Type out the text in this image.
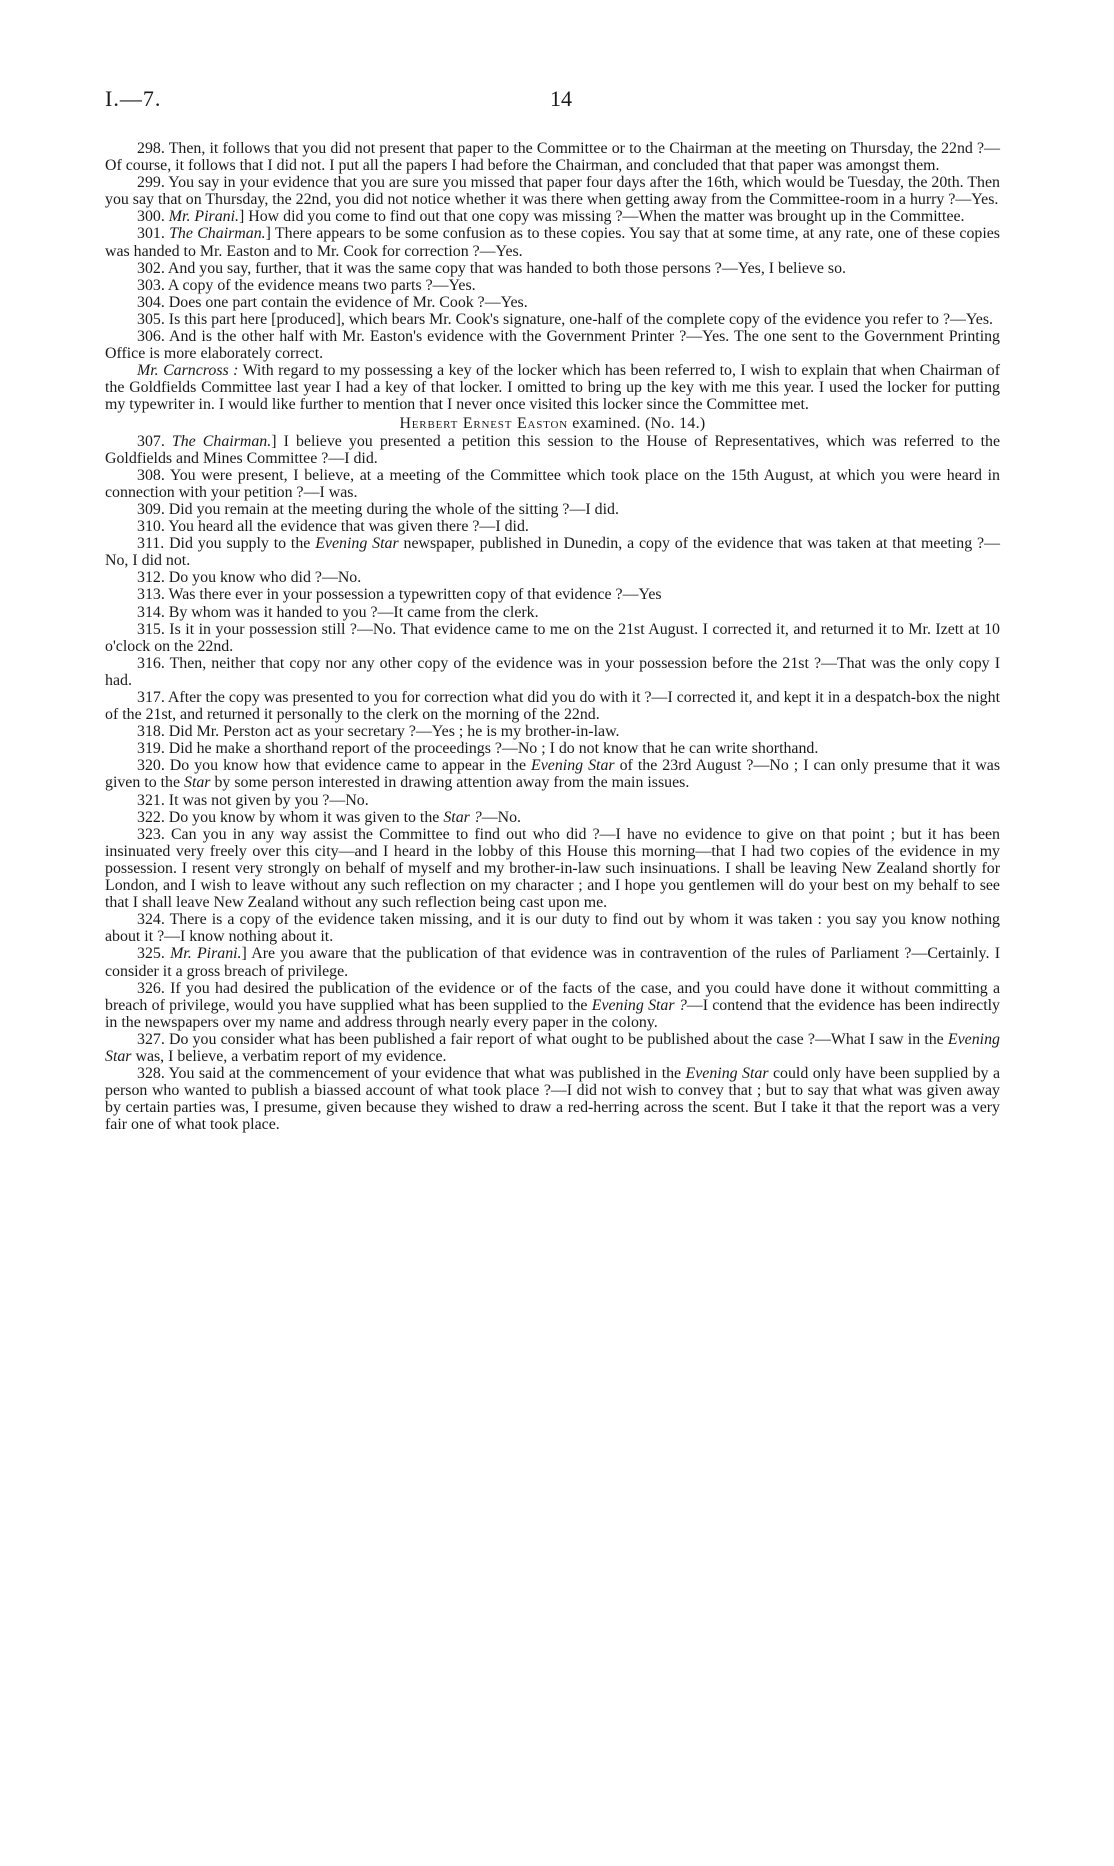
I.—7.	14

298. Then, it follows that you did not present that paper to the Committee or to the Chairman at the meeting on Thursday, the 22nd ?—Of course, it follows that I did not. I put all the papers I had before the Chairman, and concluded that that paper was amongst them.

299. You say in your evidence that you are sure you missed that paper four days after the 16th, which would be Tuesday, the 20th. Then you say that on Thursday, the 22nd, you did not notice whether it was there when getting away from the Committee-room in a hurry ?—Yes.

300. Mr. Pirani.] How did you come to find out that one copy was missing ?—When the matter was brought up in the Committee.

301. The Chairman.] There appears to be some confusion as to these copies. You say that at some time, at any rate, one of these copies was handed to Mr. Easton and to Mr. Cook for correction ?—Yes.

302. And you say, further, that it was the same copy that was handed to both those persons ?—Yes, I believe so.

303. A copy of the evidence means two parts ?—Yes.

304. Does one part contain the evidence of Mr. Cook ?—Yes.

305. Is this part here [produced], which bears Mr. Cook's signature, one-half of the complete copy of the evidence you refer to ?—Yes.

306. And is the other half with Mr. Easton's evidence with the Government Printer ?—Yes. The one sent to the Government Printing Office is more elaborately correct.

Mr. Carncross : With regard to my possessing a key of the locker which has been referred to, I wish to explain that when Chairman of the Goldfields Committee last year I had a key of that locker. I omitted to bring up the key with me this year. I used the locker for putting my typewriter in. I would like further to mention that I never once visited this locker since the Committee met.

Herbert Ernest Easton examined. (No. 14.)

307. The Chairman.] I believe you presented a petition this session to the House of Representatives, which was referred to the Goldfields and Mines Committee ?—I did.

308. You were present, I believe, at a meeting of the Committee which took place on the 15th August, at which you were heard in connection with your petition ?—I was.

309. Did you remain at the meeting during the whole of the sitting ?—I did.

310. You heard all the evidence that was given there ?—I did.

311. Did you supply to the Evening Star newspaper, published in Dunedin, a copy of the evidence that was taken at that meeting ?—No, I did not.

312. Do you know who did ?—No.

313. Was there ever in your possession a typewritten copy of that evidence ?—Yes

314. By whom was it handed to you ?—It came from the clerk.

315. Is it in your possession still ?—No. That evidence came to me on the 21st August. I corrected it, and returned it to Mr. Izett at 10 o'clock on the 22nd.

316. Then, neither that copy nor any other copy of the evidence was in your possession before the 21st ?—That was the only copy I had.

317. After the copy was presented to you for correction what did you do with it ?—I corrected it, and kept it in a despatch-box the night of the 21st, and returned it personally to the clerk on the morning of the 22nd.

318. Did Mr. Perston act as your secretary ?—Yes ; he is my brother-in-law.

319. Did he make a shorthand report of the proceedings ?—No ; I do not know that he can write shorthand.

320. Do you know how that evidence came to appear in the Evening Star of the 23rd August ?—No ; I can only presume that it was given to the Star by some person interested in drawing attention away from the main issues.

321. It was not given by you ?—No.

322. Do you know by whom it was given to the Star ?—No.

323. Can you in any way assist the Committee to find out who did ?—I have no evidence to give on that point ; but it has been insinuated very freely over this city—and I heard in the lobby of this House this morning—that I had two copies of the evidence in my possession. I resent very strongly on behalf of myself and my brother-in-law such insinuations. I shall be leaving New Zealand shortly for London, and I wish to leave without any such reflection on my character ; and I hope you gentlemen will do your best on my behalf to see that I shall leave New Zealand without any such reflection being cast upon me.

324. There is a copy of the evidence taken missing, and it is our duty to find out by whom it was taken : you say you know nothing about it ?—I know nothing about it.

325. Mr. Pirani.] Are you aware that the publication of that evidence was in contravention of the rules of Parliament ?—Certainly. I consider it a gross breach of privilege.

326. If you had desired the publication of the evidence or of the facts of the case, and you could have done it without committing a breach of privilege, would you have supplied what has been supplied to the Evening Star ?—I contend that the evidence has been indirectly in the newspapers over my name and address through nearly every paper in the colony.

327. Do you consider what has been published a fair report of what ought to be published about the case ?—What I saw in the Evening Star was, I believe, a verbatim report of my evidence.

328. You said at the commencement of your evidence that what was published in the Evening Star could only have been supplied by a person who wanted to publish a biassed account of what took place ?—I did not wish to convey that ; but to say that what was given away by certain parties was, I presume, given because they wished to draw a red-herring across the scent. But I take it that the report was a very fair one of what took place.
